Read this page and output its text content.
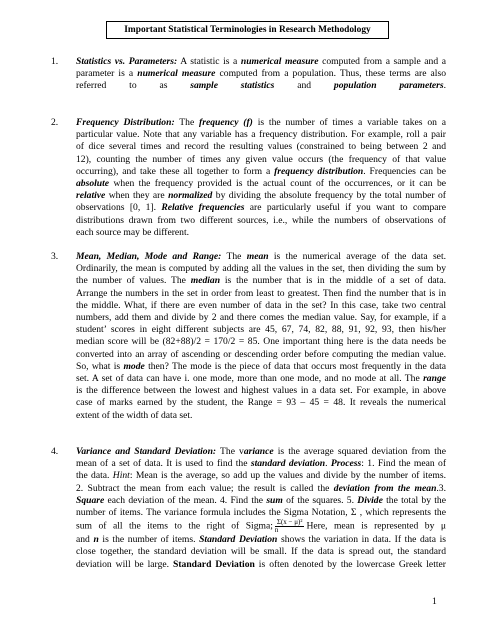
Important Statistical Terminologies in Research Methodology
1. Statistics vs. Parameters: A statistic is a numerical measure computed from a sample and a
parameter is a numerical measure computed from a population. Thus, these terms are also
referred to as sample statistics and population parameters.
2. Frequency Distribution: The frequency (f) is the number of times a variable takes on a
particular value. Note that any variable has a frequency distribution. For example, roll a pair
of dice several times and record the resulting values (constrained to being between 2 and
12), counting the number of times any given value occurs (the frequency of that value
occurring), and take these all together to form a frequency distribution. Frequencies can be
absolute when the frequency provided is the actual count of the occurrences, or it can be
relative when they are normalized by dividing the absolute frequency by the total number of
observations [0, 1]. Relative frequencies are particularly useful if you want to compare
distributions drawn from two different sources, i.e., while the numbers of observations of
each source may be different.
3. Mean, Median, Mode and Range: The mean is the numerical average of the data set.
Ordinarily, the mean is computed by adding all the values in the set, then dividing the sum by
the number of values. The median is the number that is in the middle of a set of data.
Arrange the numbers in the set in order from least to greatest. Then find the number that is in
the middle. What, if there are even number of data in the set? In this case, take two central
numbers, add them and divide by 2 and there comes the median value. Say, for example, if a
student’ scores in eight different subjects are 45, 67, 74, 82, 88, 91, 92, 93, then his/her
median score will be (82+88)/2 = 170/2 = 85. One important thing here is the data needs be
converted into an array of ascending or descending order before computing the median value.
So, what is mode then? The mode is the piece of data that occurs most frequently in the data
set. A set of data can have i. one mode, more than one mode, and no mode at all. The range
is the difference between the lowest and highest values in a data set. For example, in above
case of marks earned by the student, the Range = 93 – 45 = 48. It reveals the numerical
extent of the width of data set.
4. Variance and Standard Deviation: The variance is the average squared deviation from the
mean of a set of data. It is used to find the standard deviation. Process: 1. Find the mean of
the data. Hint: Mean is the average, so add up the values and divide by the number of items.
2. Subtract the mean from each value; the result is called the deviation from the mean.3.
Square each deviation of the mean. 4. Find the sum of the squares. 5. Divide the total by the
number of items. The variance formula includes the Sigma Notation, Σ , which represents the
sum of all the items to the right of Sigma; $\frac{\text{Σ(x − μ)²}}{n}$ Here, mean is represented by μ
and n is the number of items. Standard Deviation shows the variation in data. If the data is
close together, the standard deviation will be small. If the data is spread out, the standard
deviation will be large. Standard Deviation is often denoted by the lowercase Greek letter
1
